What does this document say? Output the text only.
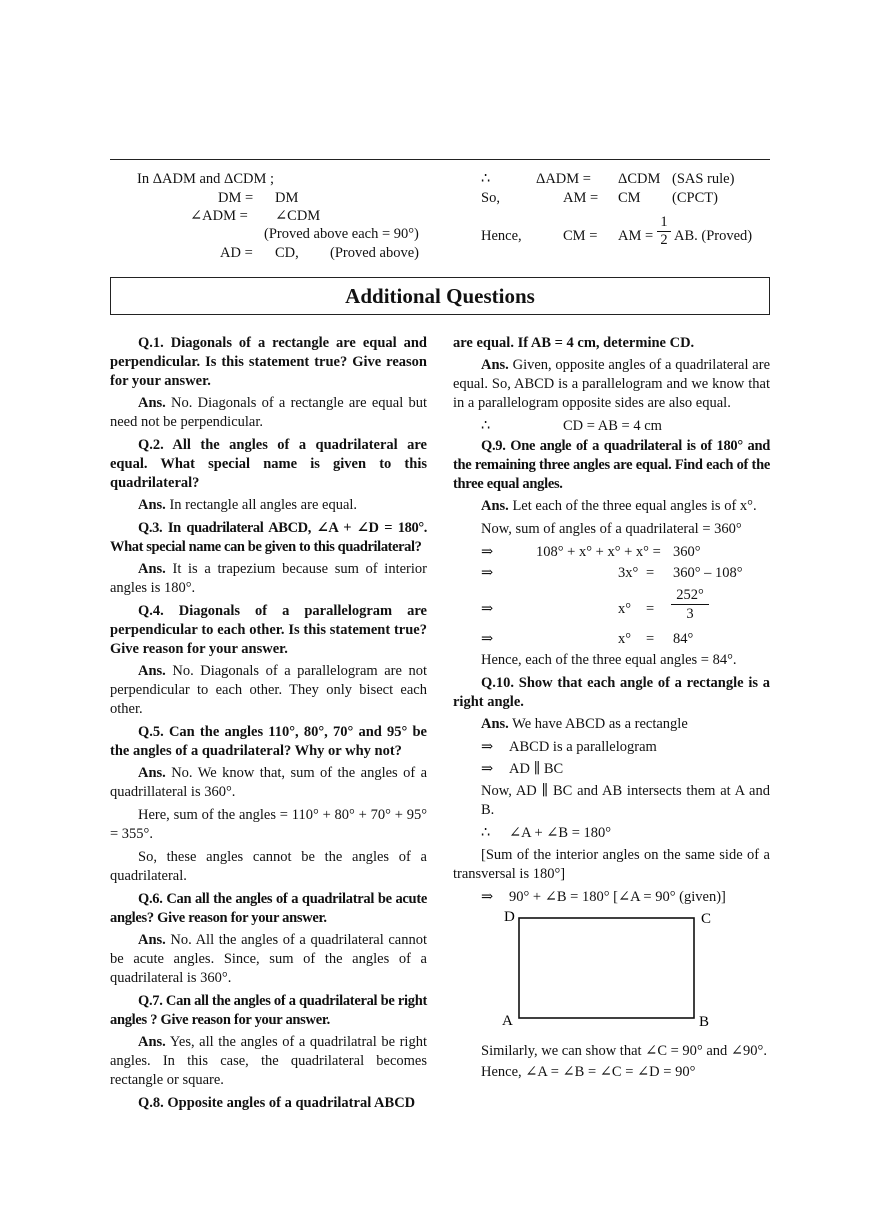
In ΔADM and ΔCDM ;
DM = DM
∠ADM = ∠CDM
(Proved above each = 90°)
AD = CD, (Proved above)
∴	ΔADM = ΔCDM (SAS rule)
So,	AM = CM (CPCT)
Hence,	CM = AM = $\frac{1}{2}$ AB. (Proved)
Additional Questions

Q.1. Diagonals of a rectangle are equal and perpendicular. Is this statement true? Give reason for your answer.

Ans. No. Diagonals of a rectangle are equal but need not be perpendicular.

Q.2. All the angles of a quadrilateral are equal. What special name is given to this quadrilateral?

Ans. In rectangle all angles are equal.

Q.3. In quadrilateral ABCD, ∠A + ∠D = 180°. What special name can be given to this quadrilateral?

Ans. It is a trapezium because sum of interior angles is 180°.

Q.4. Diagonals of a parallelogram are perpendicular to each other. Is this statement true? Give reason for your answer.

Ans. No. Diagonals of a parallelogram are not perpendicular to each other. They only bisect each other.

Q.5. Can the angles 110°, 80°, 70° and 95° be the angles of a quadrilateral? Why or why not?

Ans. No. We know that, sum of the angles of a quadrillateral is 360°.

Here, sum of the angles = 110° + 80° + 70° + 95° = 355°.

So, these angles cannot be the angles of a quadrilateral.

Q.6. Can all the angles of a quadrilatral be acute angles? Give reason for your answer.

Ans. No. All the angles of a quadrilateral cannot be acute angles. Since, sum of the angles of a quadrilateral is 360°.

Q.7. Can all the angles of a quadrilateral be right angles ? Give reason for your answer.

Ans. Yes, all the angles of a quadrilatral be right angles. In this case, the quadrilateral becomes rectangle or square.

Q.8. Opposite angles of a quadrilatral ABCD

are equal. If AB = 4 cm, determine CD.

Ans. Given, opposite angles of a quadrilateral are equal. So, ABCD is a parallelogram and we know that in a parallelogram opposite sides are also equal.

∴	CD = AB = 4 cm

Q.9. One angle of a quadrilateral is of 180° and the remaining three angles are equal. Find each of the three equal angles.

Ans. Let each of the three equal angles is of x°.

Now, sum of angles of a quadrilateral = 360°

⇒	108° + x° + x° + x° = 360°
⇒	3x° = 360° – 108°
⇒	$x^\circ = \frac{252^\circ}{3}$
⇒	x° = 84°

Hence, each of the three equal angles = 84°.

Q.10. Show that each angle of a rectangle is a right angle.

Ans. We have ABCD as a rectangle

⇒ ABCD is a parallelogram
⇒ AD ∥ BC

Now, AD ∥ BC and AB intersects them at A and B.

∴ ∠A + ∠B = 180°

[Sum of the interior angles on the same side of a transversal is 180°]

⇒ 90° + ∠B = 180° [∠A = 90° (given)]
D	C
A	B
Similarly, we can show that ∠C = 90° and ∠90°.
Hence, ∠A = ∠B = ∠C = ∠D = 90°
